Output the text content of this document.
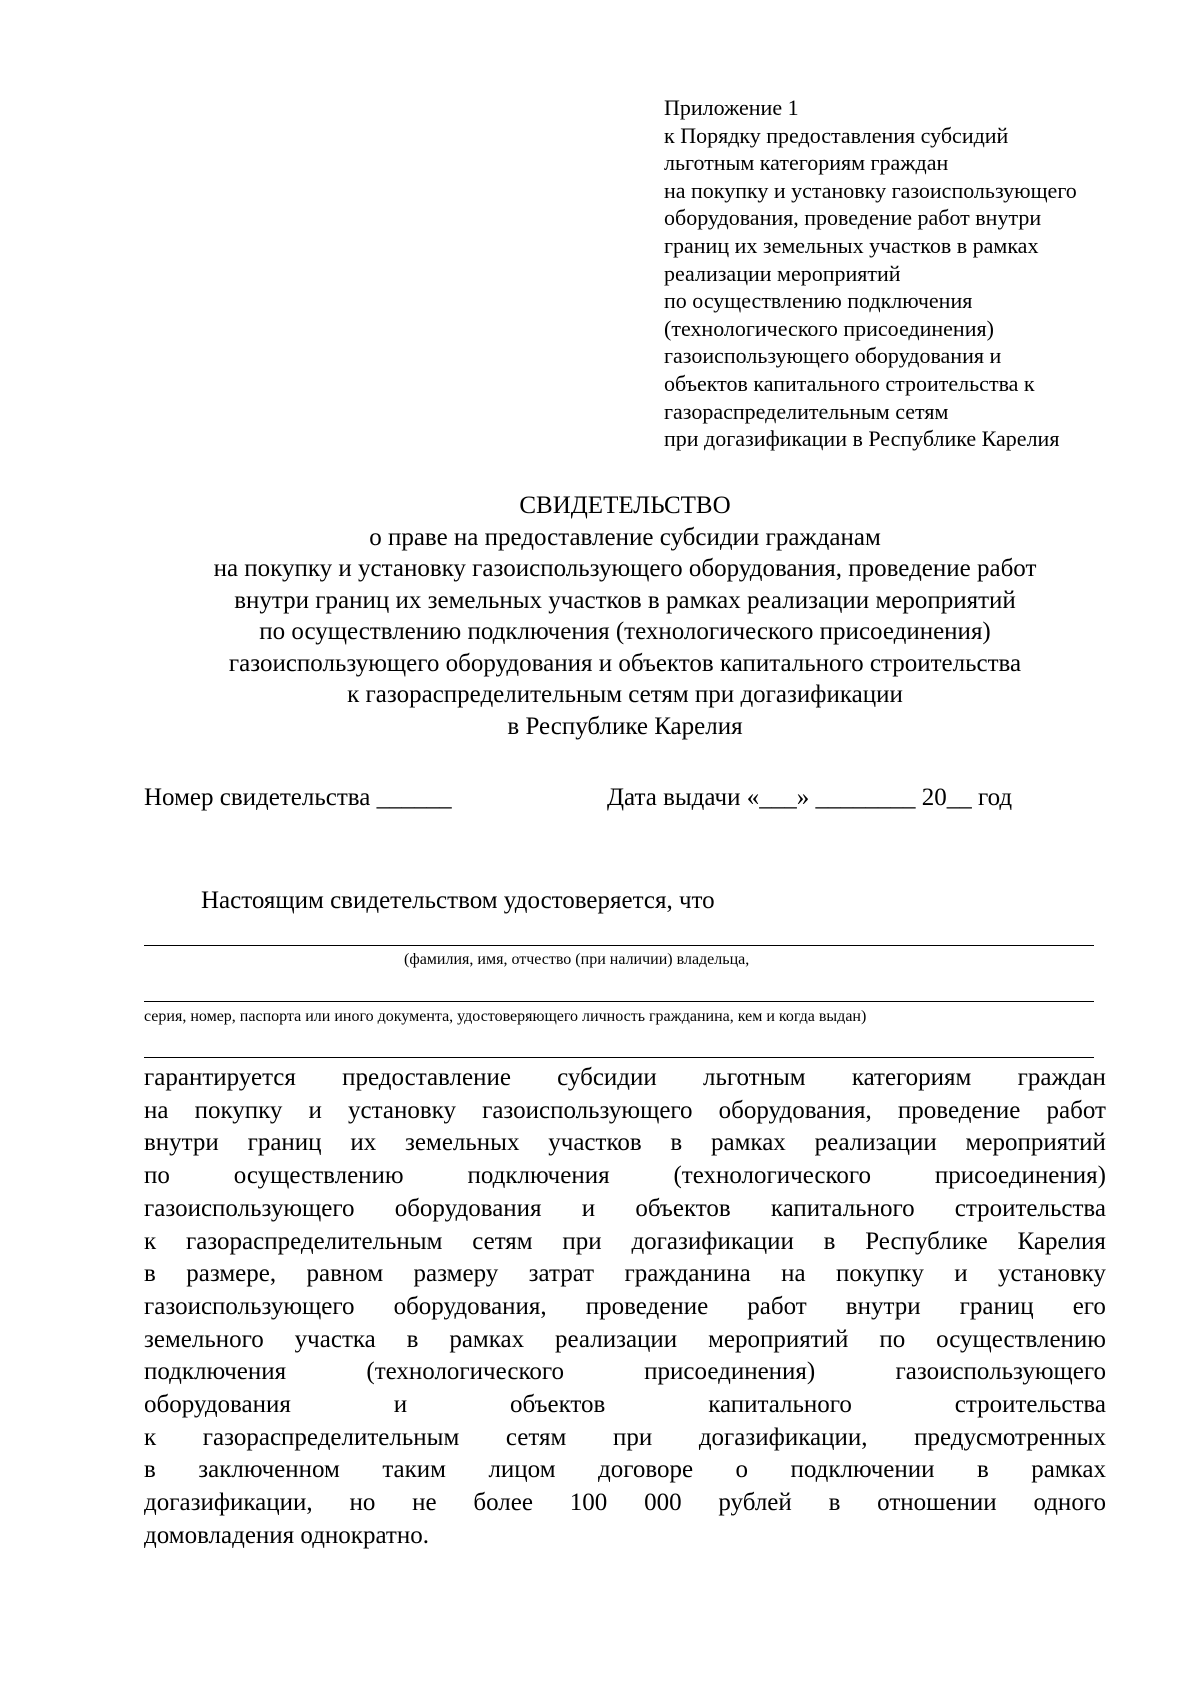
Приложение 1
к Порядку предоставления субсидий
льготным категориям граждан
на покупку и установку газоиспользующего
оборудования, проведение работ внутри
границ их земельных участков в рамках
реализации мероприятий
по осуществлению подключения
(технологического присоединения)
газоиспользующего оборудования и
объектов капитального строительства к
газораспределительным сетям
при догазификации в Республике Карелия
СВИДЕТЕЛЬСТВО
о праве на предоставление субсидии гражданам
на покупку и установку газоиспользующего оборудования, проведение работ
внутри границ их земельных участков в рамках реализации мероприятий
по осуществлению подключения (технологического присоединения)
газоиспользующего оборудования и объектов капитального строительства
к газораспределительным сетям при догазификации
в Республике Карелия
Номер свидетельства ______	Дата выдачи «___» ________ 20__ год
Настоящим свидетельством удостоверяется, что
(фамилия, имя, отчество (при наличии) владельца,
серия, номер, паспорта или иного документа, удостоверяющего личность гражданина, кем и когда выдан)
гарантируется предоставление субсидии льготным категориям граждан
на покупку и установку газоиспользующего оборудования, проведение работ
внутри границ их земельных участков в рамках реализации мероприятий
по	осуществлению	подключения	(технологического	присоединения)
газоиспользующего оборудования и объектов капитального строительства
к газораспределительным сетям при догазификации в Республике Карелия
в размере, равном размеру затрат гражданина на покупку и установку
газоиспользующего оборудования, проведение работ внутри границ его
земельного участка в рамках реализации мероприятий по осуществлению
подключения	(технологического	присоединения)	газоиспользующего
оборудования	и	объектов	капитального	строительства
к газораспределительным сетям при догазификации, предусмотренных
в заключенном таким лицом договоре о подключении в рамках
догазификации, но не более 100 000 рублей в отношении одного
домовладения однократно.
